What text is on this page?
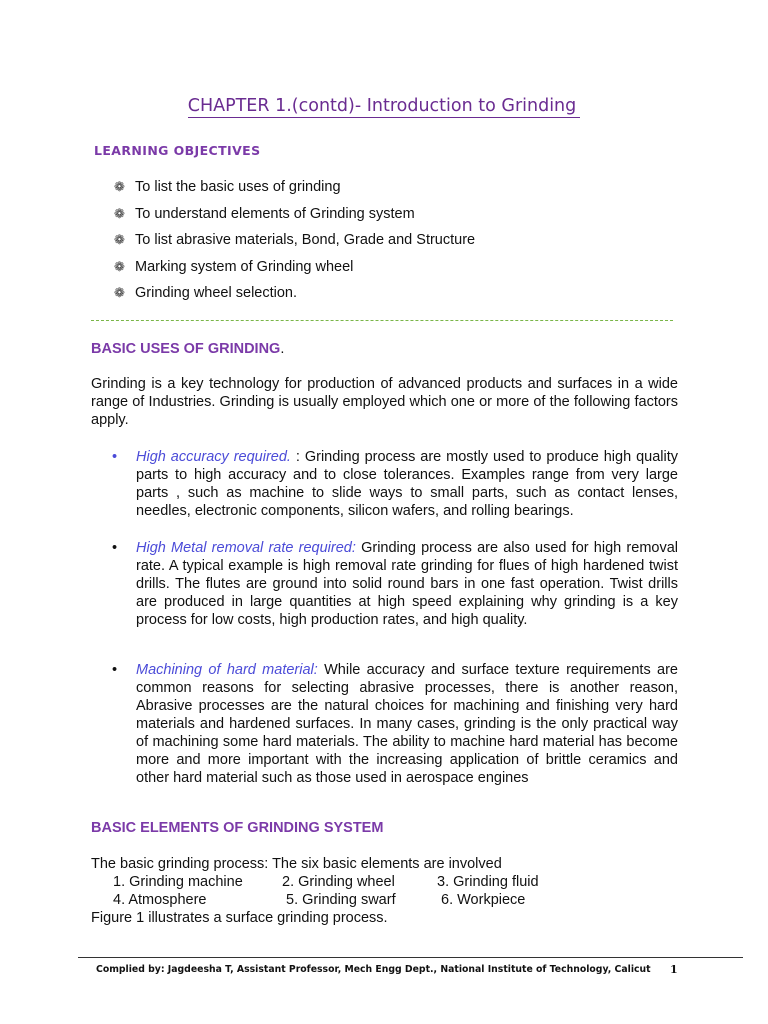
CHAPTER 1.(contd)- Introduction to Grinding
LEARNING OBJECTIVES
❁ To list the basic uses of grinding
❁ To understand elements of Grinding system
❁ To list abrasive materials, Bond, Grade and Structure
❁ Marking system of Grinding wheel
❁ Grinding wheel selection.
BASIC USES OF GRINDING.

Grinding is a key technology for production of advanced products and surfaces in a wide range of Industries. Grinding is usually employed which one or more of the following factors apply.

• High accuracy required. : Grinding process are mostly used to produce high quality parts to high accuracy and to close tolerances. Examples range from very large parts , such as machine to slide ways to small parts, such as contact lenses, needles, electronic components, silicon wafers, and rolling bearings.

• High Metal removal rate required: Grinding process are also used for high removal rate. A typical example is high removal rate grinding for flues of high hardened twist drills. The flutes are ground into solid round bars in one fast operation. Twist drills are produced in large quantities at high speed explaining why grinding is a key process for low costs, high production rates, and high quality.

• Machining of hard material: While accuracy and surface texture requirements are common reasons for selecting abrasive processes, there is another reason, Abrasive processes are the natural choices for machining and finishing very hard materials and hardened surfaces. In many cases, grinding is the only practical way of machining some hard materials. The ability to machine hard material has become more and more important with the increasing application of brittle ceramics and other hard material such as those used in aerospace engines

BASIC ELEMENTS OF GRINDING SYSTEM
The basic grinding process: The six basic elements are involved
1. Grinding machine	2. Grinding wheel	3. Grinding fluid
4. Atmosphere	5. Grinding swarf	6. Workpiece
Figure 1 illustrates a surface grinding process.
Complied by: Jagdeesha T, Assistant Professor, Mech Engg Dept., National Institute of Technology, Calicut 1
